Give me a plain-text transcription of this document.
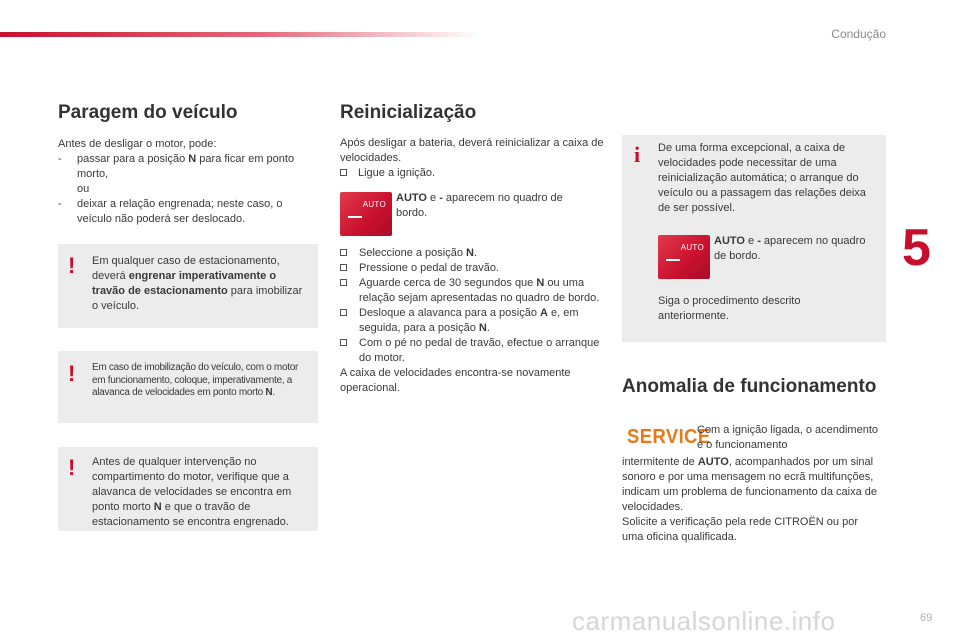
Condução
5
Paragem do veículo

Antes de desligar o motor, pode:

- passar para a posição N para ficar em ponto morto,

ou

- deixar a relação engrenada; neste caso, o veículo não poderá ser deslocado.

! Em qualquer caso de estacionamento, deverá engrenar imperativamente o travão de estacionamento para imobilizar o veículo.
! Em caso de imobilização do veículo, com o motor em funcionamento, coloque, imperativamente, a alavanca de velocidades em ponto morto N.
! Antes de qualquer intervenção no compartimento do motor, verifique que a alavanca de velocidades se encontra em ponto morto N e que o travão de estacionamento se encontra engrenado.
Reinicialização

Após desligar a bateria, deverá reinicializar a caixa de velocidades.

Ligue a ignição.

AUTO
AUTO e - aparecem no quadro de bordo.

Seleccione a posição N.

Pressione o pedal de travão.

Aguarde cerca de 30 segundos que N ou uma relação sejam apresentadas no quadro de bordo.

Desloque a alavanca para a posição A e, em seguida, para a posição N.

Com o pé no pedal de travão, efectue o arranque do motor.

A caixa de velocidades encontra-se novamente operacional.

i De uma forma excepcional, a caixa de velocidades pode necessitar de uma reinicialização automática; o arranque do veículo ou a passagem das relações deixa de ser possível.
AUTO
AUTO e - aparecem no quadro de bordo.
Siga o procedimento descrito anteriormente.
Anomalia de funcionamento
SERVICE
Com a ignição ligada, o acendimento e o funcionamento

intermitente de AUTO, acompanhados por um sinal sonoro e por uma mensagem no ecrã multifunções, indicam um problema de funcionamento da caixa de velocidades.

Solicite a verificação pela rede CITROËN ou por uma oficina qualificada.

carmanualsonline.info	69
